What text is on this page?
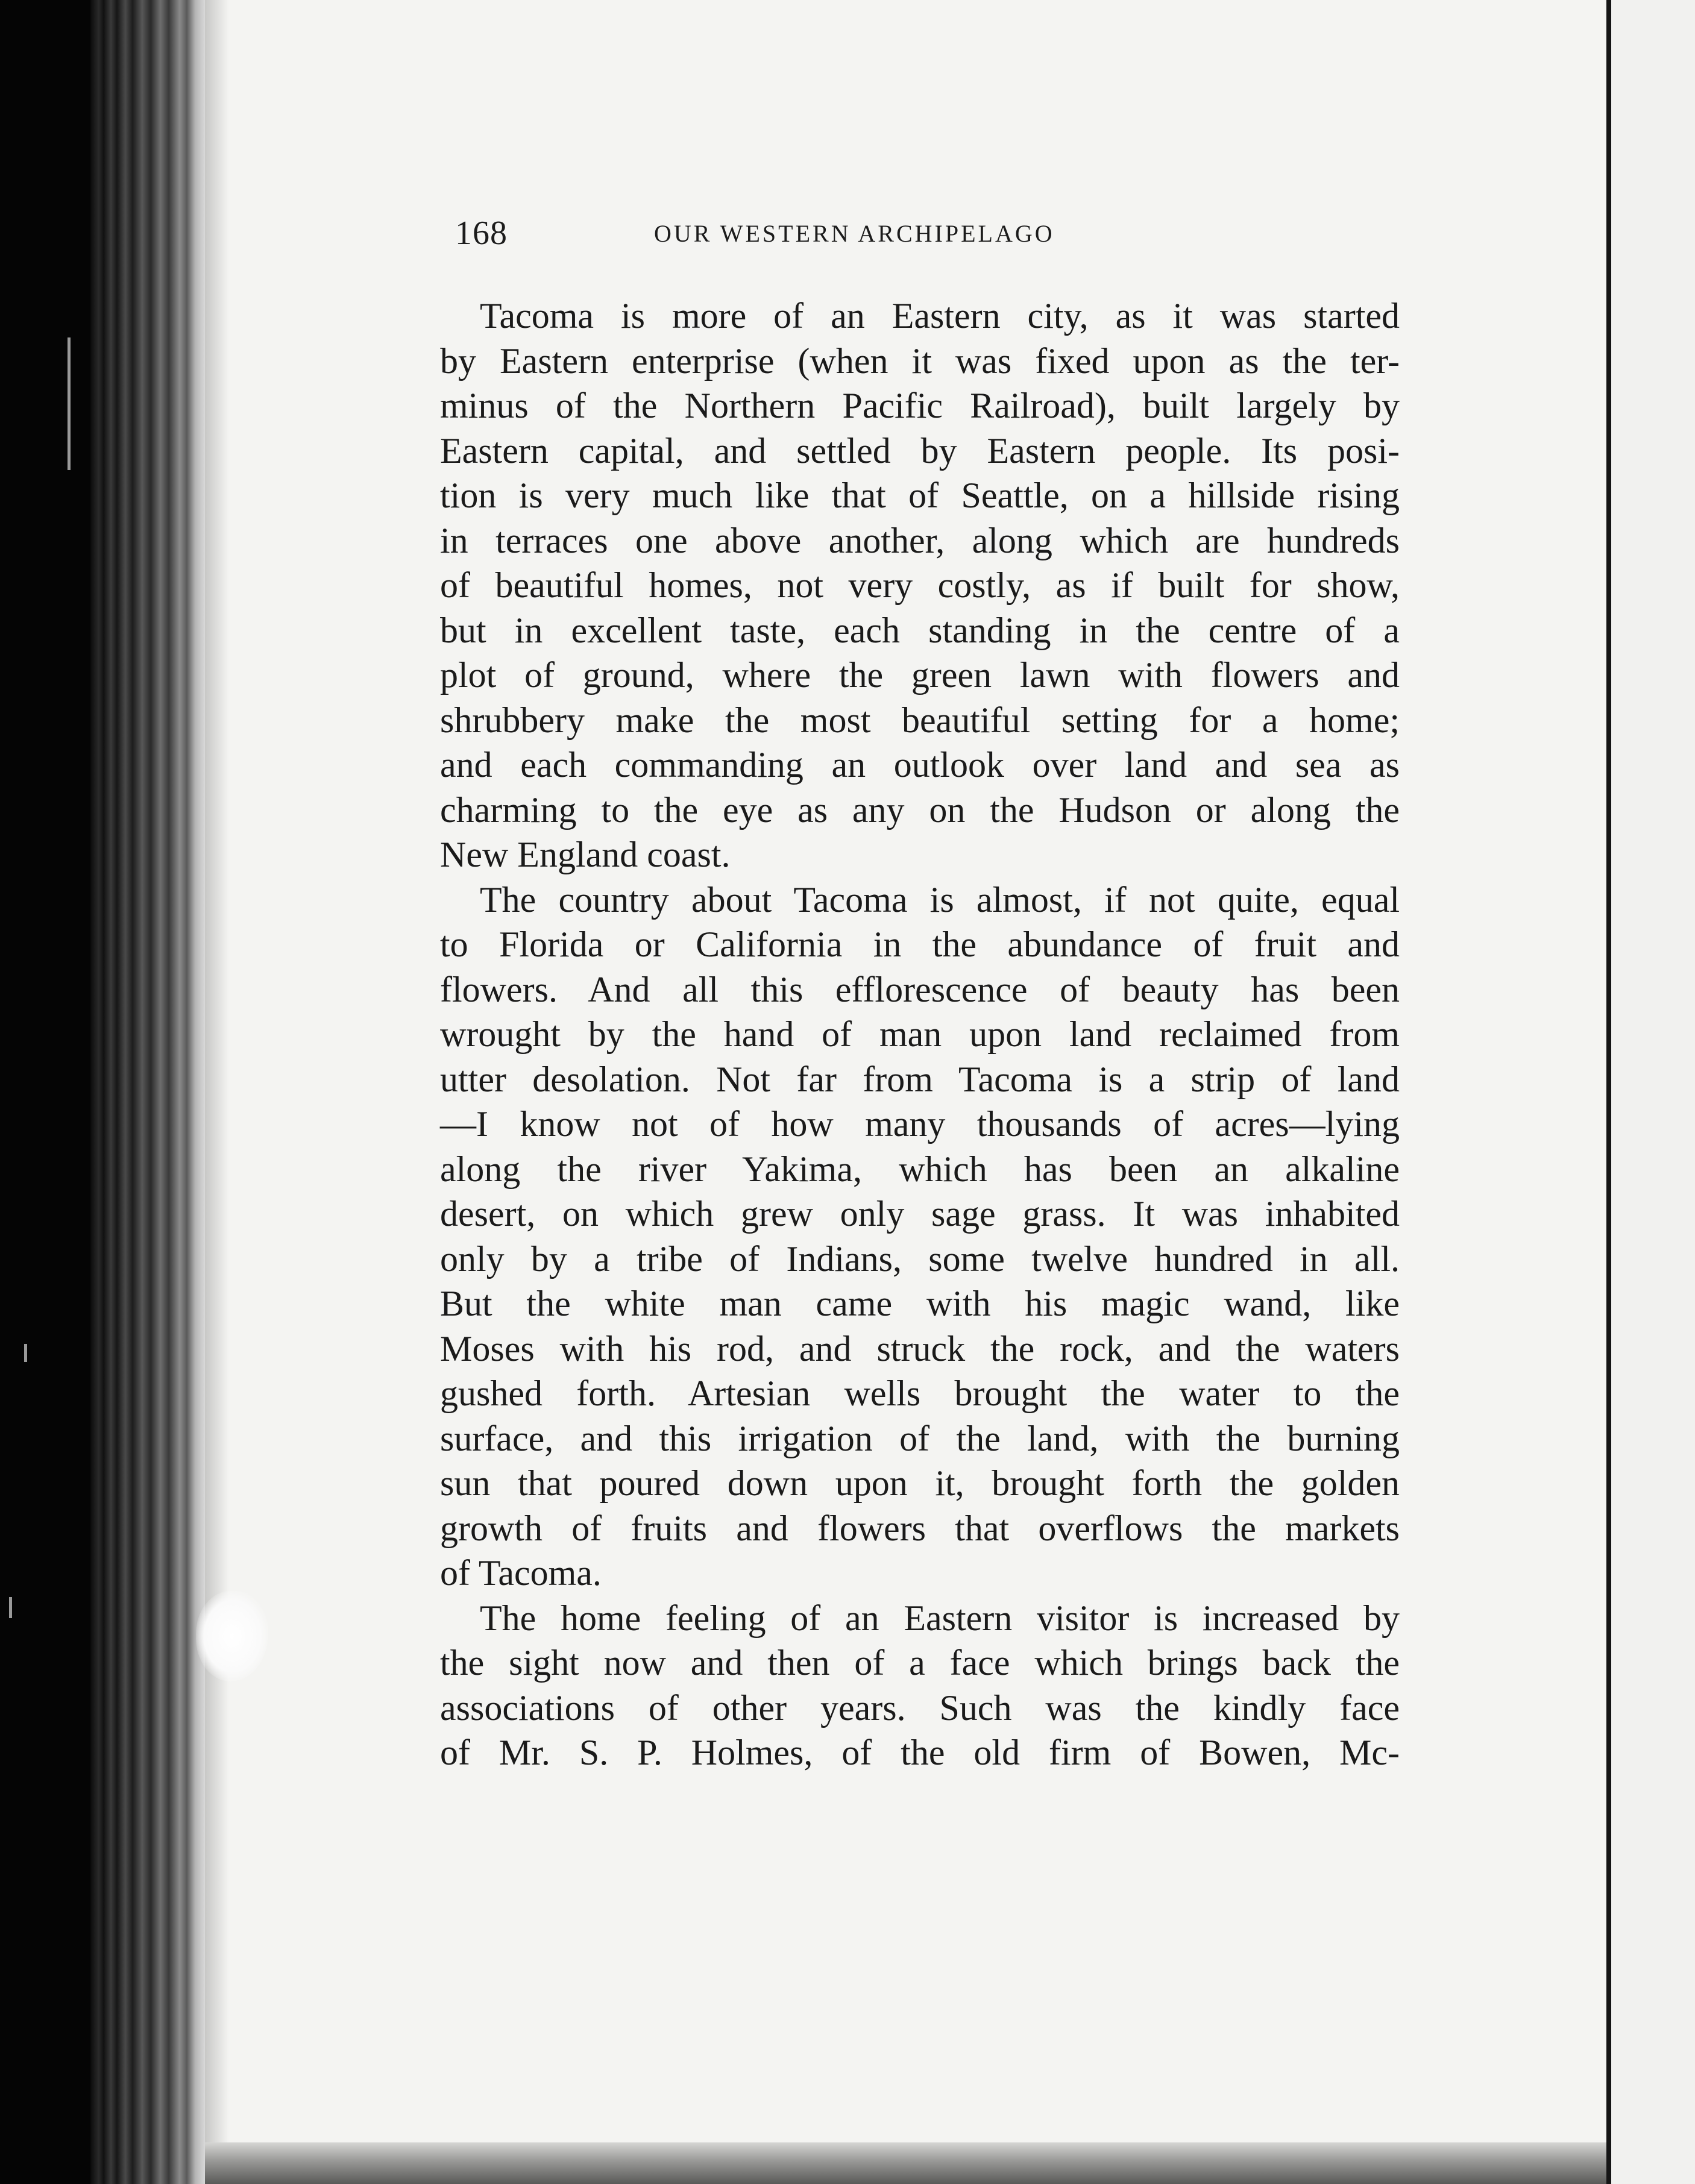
168	OUR WESTERN ARCHIPELAGO
Tacoma is more of an Eastern city, as it was started
by Eastern enterprise (when it was fixed upon as the ter-
minus of the Northern Pacific Railroad), built largely by
Eastern capital, and settled by Eastern people. Its posi-
tion is very much like that of Seattle, on a hillside rising
in terraces one above another, along which are hundreds
of beautiful homes, not very costly, as if built for show,
but in excellent taste, each standing in the centre of a
plot of ground, where the green lawn with flowers and
shrubbery make the most beautiful setting for a home;
and each commanding an outlook over land and sea as
charming to the eye as any on the Hudson or along the
New England coast.
The country about Tacoma is almost, if not quite, equal
to Florida or California in the abundance of fruit and
flowers. And all this efflorescence of beauty has been
wrought by the hand of man upon land reclaimed from
utter desolation. Not far from Tacoma is a strip of land
—I know not of how many thousands of acres—lying
along the river Yakima, which has been an alkaline
desert, on which grew only sage grass. It was inhabited
only by a tribe of Indians, some twelve hundred in all.
But the white man came with his magic wand, like
Moses with his rod, and struck the rock, and the waters
gushed forth. Artesian wells brought the water to the
surface, and this irrigation of the land, with the burning
sun that poured down upon it, brought forth the golden
growth of fruits and flowers that overflows the markets
of Tacoma.
The home feeling of an Eastern visitor is increased by
the sight now and then of a face which brings back the
associations of other years. Such was the kindly face
of Mr. S. P. Holmes, of the old firm of Bowen, Mc-
